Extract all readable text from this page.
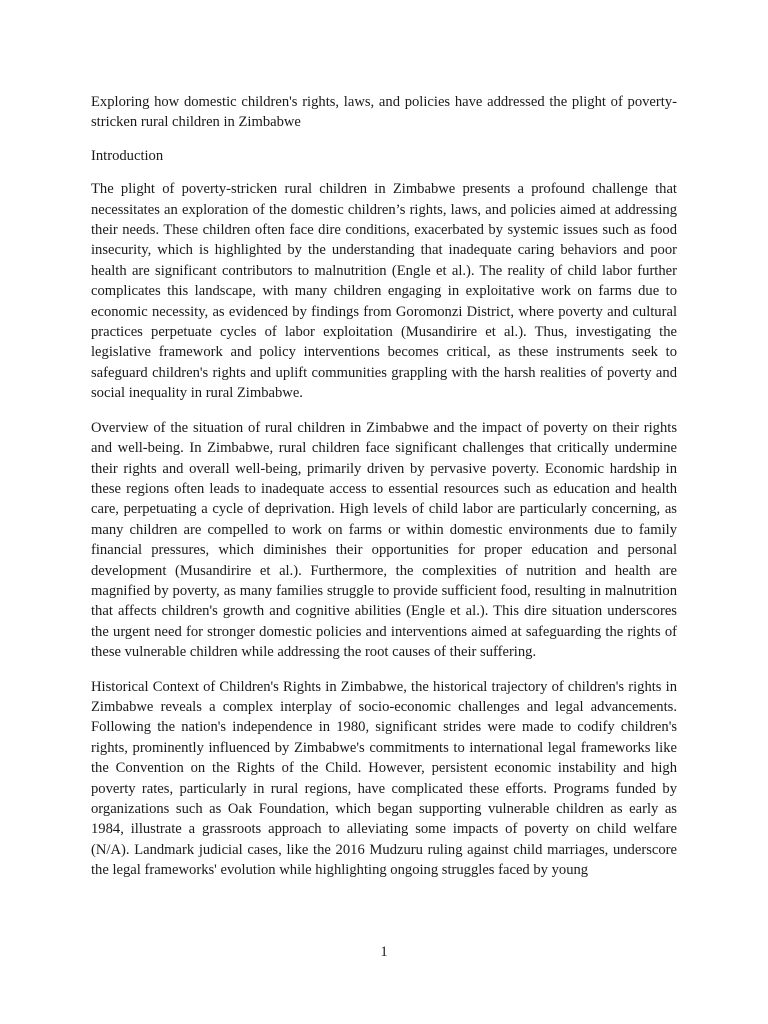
Exploring how domestic children's rights, laws, and policies have addressed the plight of poverty-stricken rural children in Zimbabwe

Introduction

The plight of poverty-stricken rural children in Zimbabwe presents a profound challenge that necessitates an exploration of the domestic children’s rights, laws, and policies aimed at addressing their needs. These children often face dire conditions, exacerbated by systemic issues such as food insecurity, which is highlighted by the understanding that inadequate caring behaviors and poor health are significant contributors to malnutrition (Engle et al.). The reality of child labor further complicates this landscape, with many children engaging in exploitative work on farms due to economic necessity, as evidenced by findings from Goromonzi District, where poverty and cultural practices perpetuate cycles of labor exploitation (Musandirire et al.). Thus, investigating the legislative framework and policy interventions becomes critical, as these instruments seek to safeguard children's rights and uplift communities grappling with the harsh realities of poverty and social inequality in rural Zimbabwe.

Overview of the situation of rural children in Zimbabwe and the impact of poverty on their rights and well-being. In Zimbabwe, rural children face significant challenges that critically undermine their rights and overall well-being, primarily driven by pervasive poverty. Economic hardship in these regions often leads to inadequate access to essential resources such as education and health care, perpetuating a cycle of deprivation. High levels of child labor are particularly concerning, as many children are compelled to work on farms or within domestic environments due to family financial pressures, which diminishes their opportunities for proper education and personal development (Musandirire et al.). Furthermore, the complexities of nutrition and health are magnified by poverty, as many families struggle to provide sufficient food, resulting in malnutrition that affects children's growth and cognitive abilities (Engle et al.). This dire situation underscores the urgent need for stronger domestic policies and interventions aimed at safeguarding the rights of these vulnerable children while addressing the root causes of their suffering.

Historical Context of Children's Rights in Zimbabwe, the historical trajectory of children's rights in Zimbabwe reveals a complex interplay of socio-economic challenges and legal advancements. Following the nation's independence in 1980, significant strides were made to codify children's rights, prominently influenced by Zimbabwe's commitments to international legal frameworks like the Convention on the Rights of the Child. However, persistent economic instability and high poverty rates, particularly in rural regions, have complicated these efforts. Programs funded by organizations such as Oak Foundation, which began supporting vulnerable children as early as 1984, illustrate a grassroots approach to alleviating some impacts of poverty on child welfare (N/A). Landmark judicial cases, like the 2016 Mudzuru ruling against child marriages, underscore the legal frameworks' evolution while highlighting ongoing struggles faced by young

1
